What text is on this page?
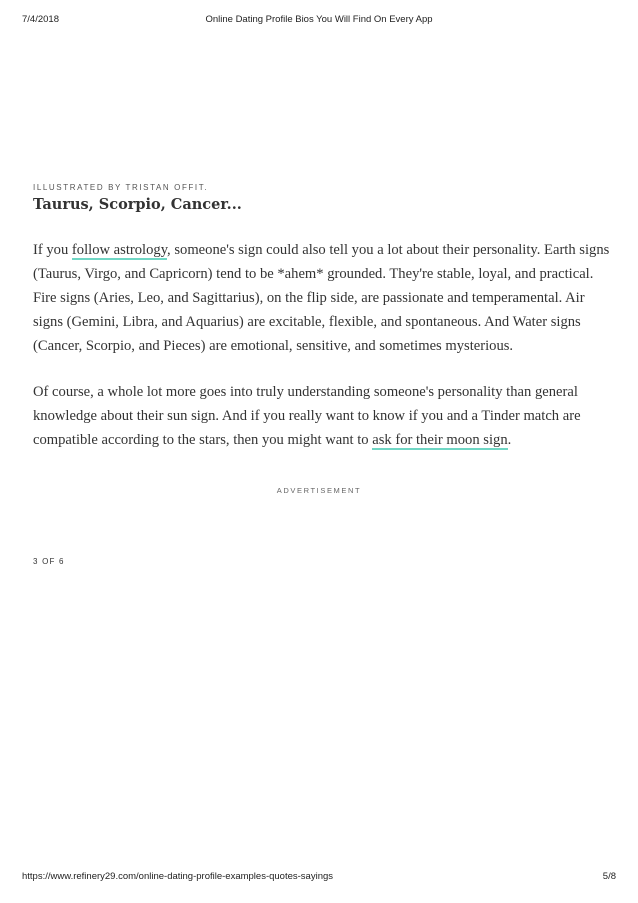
7/4/2018	Online Dating Profile Bios You Will Find On Every App
ILLUSTRATED BY TRISTAN OFFIT.
Taurus, Scorpio, Cancer...

If you follow astrology, someone's sign could also tell you a lot about their personality. Earth signs (Taurus, Virgo, and Capricorn) tend to be *ahem* grounded. They're stable, loyal, and practical. Fire signs (Aries, Leo, and Sagittarius), on the flip side, are passionate and temperamental. Air signs (Gemini, Libra, and Aquarius) are excitable, flexible, and spontaneous. And Water signs (Cancer, Scorpio, and Pieces) are emotional, sensitive, and sometimes mysterious.

Of course, a whole lot more goes into truly understanding someone's personality than general knowledge about their sun sign. And if you really want to know if you and a Tinder match are compatible according to the stars, then you might want to ask for their moon sign.

ADVERTISEMENT
3 OF 6
https://www.refinery29.com/online-dating-profile-examples-quotes-sayings	5/8
